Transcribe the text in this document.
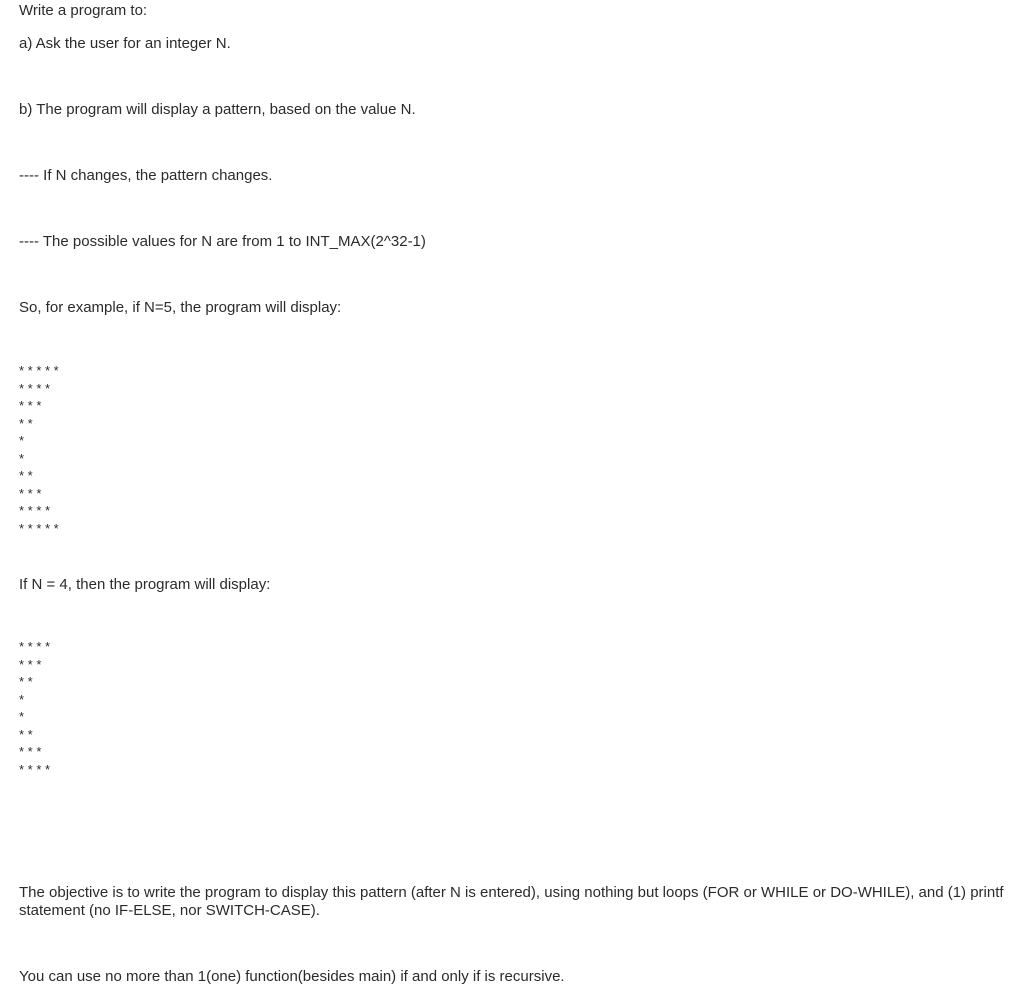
Write a program to:
a) Ask the user for an integer N.
b) The program will display a pattern, based on the value N.
---- If N changes, the pattern changes.
---- The possible values for N are from 1 to INT_MAX(2^32-1)
So, for example, if N=5, the program will display:
* * * * *
* * * *
* * *
* *
*
*
* *
* * *
* * * *
* * * * *
If N = 4, then the program will display:
* * * *
* * *
* *
*
*
* *
* * *
* * * *
The objective is to write the program to display this pattern (after N is entered), using nothing but loops (FOR or WHILE or DO-WHILE), and (1) printf statement (no IF-ELSE, nor SWITCH-CASE).
You can use no more than 1(one) function(besides main) if and only if is recursive.
